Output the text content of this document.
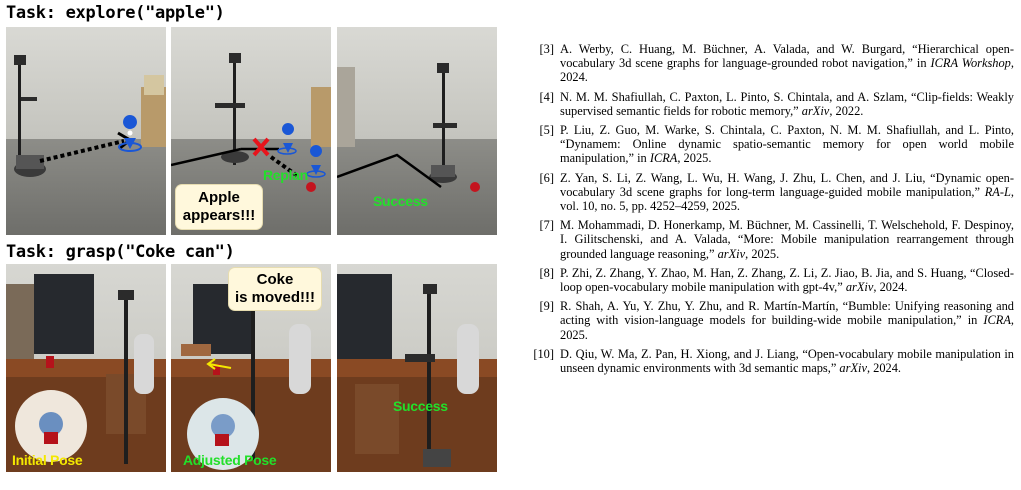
Task: explore("apple")
Replan
Apple
appears!!!
Success
Task: grasp("Coke can")
Initial Pose
Coke
is moved!!!
Adjusted Pose
Success
[3] A. Werby, C. Huang, M. Büchner, A. Valada, and W. Burgard, “Hierarchical open-vocabulary 3d scene graphs for language-grounded robot navigation,” in ICRA Workshop, 2024.
[4] N. M. M. Shafiullah, C. Paxton, L. Pinto, S. Chintala, and A. Szlam, “Clip-fields: Weakly supervised semantic fields for robotic memory,” arXiv, 2022.
[5] P. Liu, Z. Guo, M. Warke, S. Chintala, C. Paxton, N. M. M. Shafiullah, and L. Pinto, “Dynamem: Online dynamic spatio-semantic memory for open world mobile manipulation,” in ICRA, 2025.
[6] Z. Yan, S. Li, Z. Wang, L. Wu, H. Wang, J. Zhu, L. Chen, and J. Liu, “Dynamic open-vocabulary 3d scene graphs for long-term language-guided mobile manipulation,” RA-L, vol. 10, no. 5, pp. 4252–4259, 2025.
[7] M. Mohammadi, D. Honerkamp, M. Büchner, M. Cassinelli, T. Welschehold, F. Despinoy, I. Gilitschenski, and A. Valada, “More: Mobile manipulation rearrangement through grounded language reasoning,” arXiv, 2025.
[8] P. Zhi, Z. Zhang, Y. Zhao, M. Han, Z. Zhang, Z. Li, Z. Jiao, B. Jia, and S. Huang, “Closed-loop open-vocabulary mobile manipulation with gpt-4v,” arXiv, 2024.
[9] R. Shah, A. Yu, Y. Zhu, Y. Zhu, and R. Martín-Martín, “Bumble: Unifying reasoning and acting with vision-language models for building-wide mobile manipulation,” in ICRA, 2025.
[10] D. Qiu, W. Ma, Z. Pan, H. Xiong, and J. Liang, “Open-vocabulary mobile manipulation in unseen dynamic environments with 3d semantic maps,” arXiv, 2024.
